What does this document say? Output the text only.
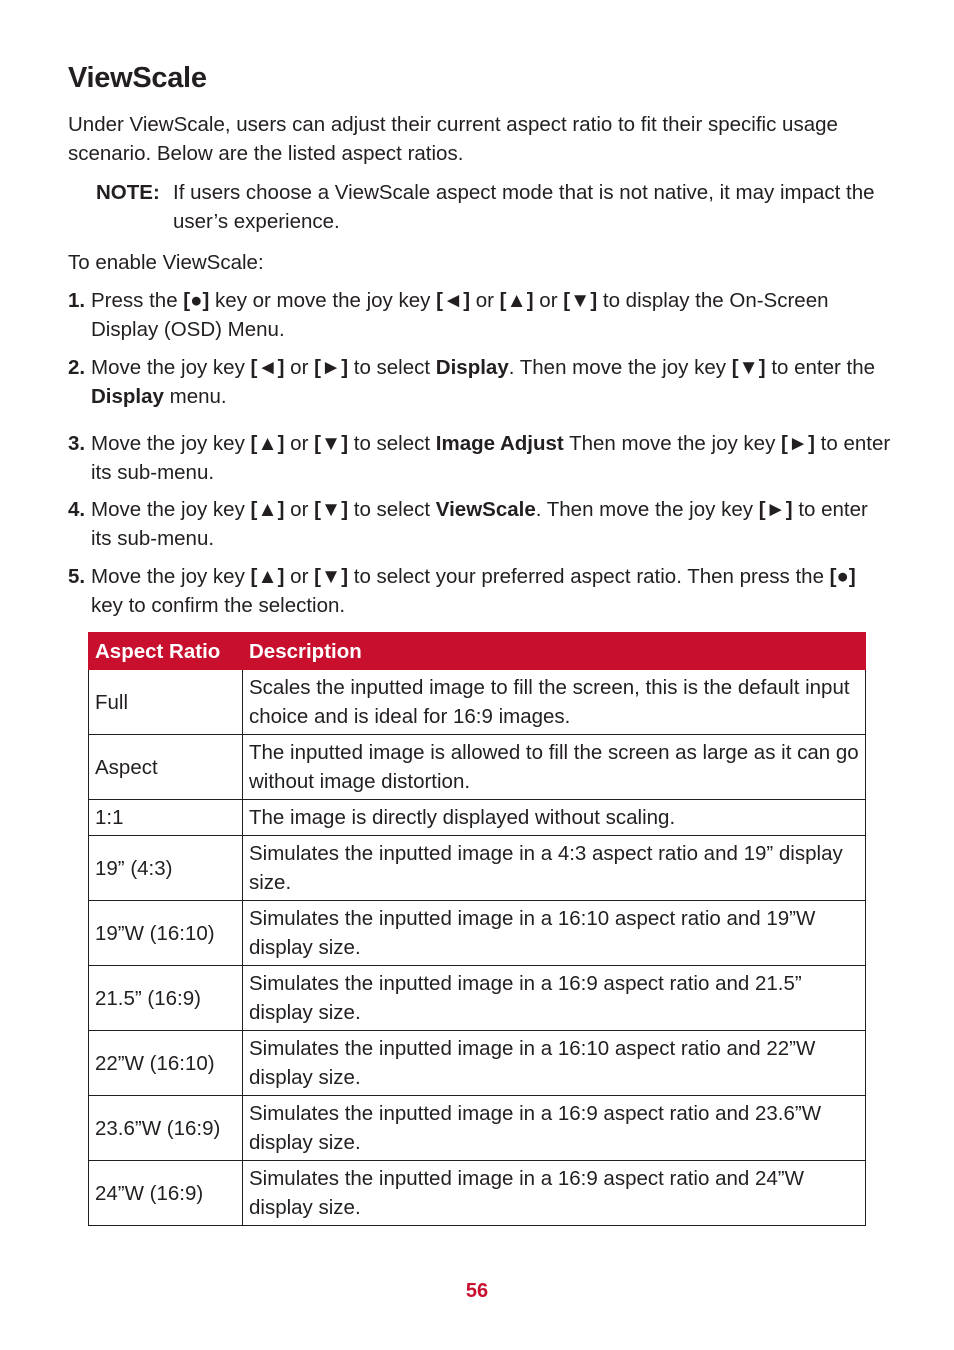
ViewScale

Under ViewScale, users can adjust their current aspect ratio to fit their specific usage scenario. Below are the listed aspect ratios.

NOTE: If users choose a ViewScale aspect mode that is not native, it may impact the user’s experience.

To enable ViewScale:

1. Press the [●] key or move the joy key [◄] or [▲] or [▼] to display the On-Screen Display (OSD) Menu.
2. Move the joy key [◄] or [►] to select Display. Then move the joy key [▼] to enter the Display menu.
3. Move the joy key [▲] or [▼] to select Image Adjust Then move the joy key [►] to enter its sub-menu.
4. Move the joy key [▲] or [▼] to select ViewScale. Then move the joy key [►] to enter its sub-menu.
5. Move the joy key [▲] or [▼] to select your preferred aspect ratio. Then press the [●] key to confirm the selection.
Aspect Ratio	Description
Full	Scales the inputted image to fill the screen, this is the default input choice and is ideal for 16:9 images.
Aspect	The inputted image is allowed to fill the screen as large as it can go without image distortion.
1:1	The image is directly displayed without scaling.
19” (4:3)	Simulates the inputted image in a 4:3 aspect ratio and 19” display size.
19”W (16:10)	Simulates the inputted image in a 16:10 aspect ratio and 19”W display size.
21.5” (16:9)	Simulates the inputted image in a 16:9 aspect ratio and 21.5” display size.
22”W (16:10)	Simulates the inputted image in a 16:10 aspect ratio and 22”W display size.
23.6”W (16:9)	Simulates the inputted image in a 16:9 aspect ratio and 23.6”W display size.
24”W (16:9)	Simulates the inputted image in a 16:9 aspect ratio and 24”W display size.
56
